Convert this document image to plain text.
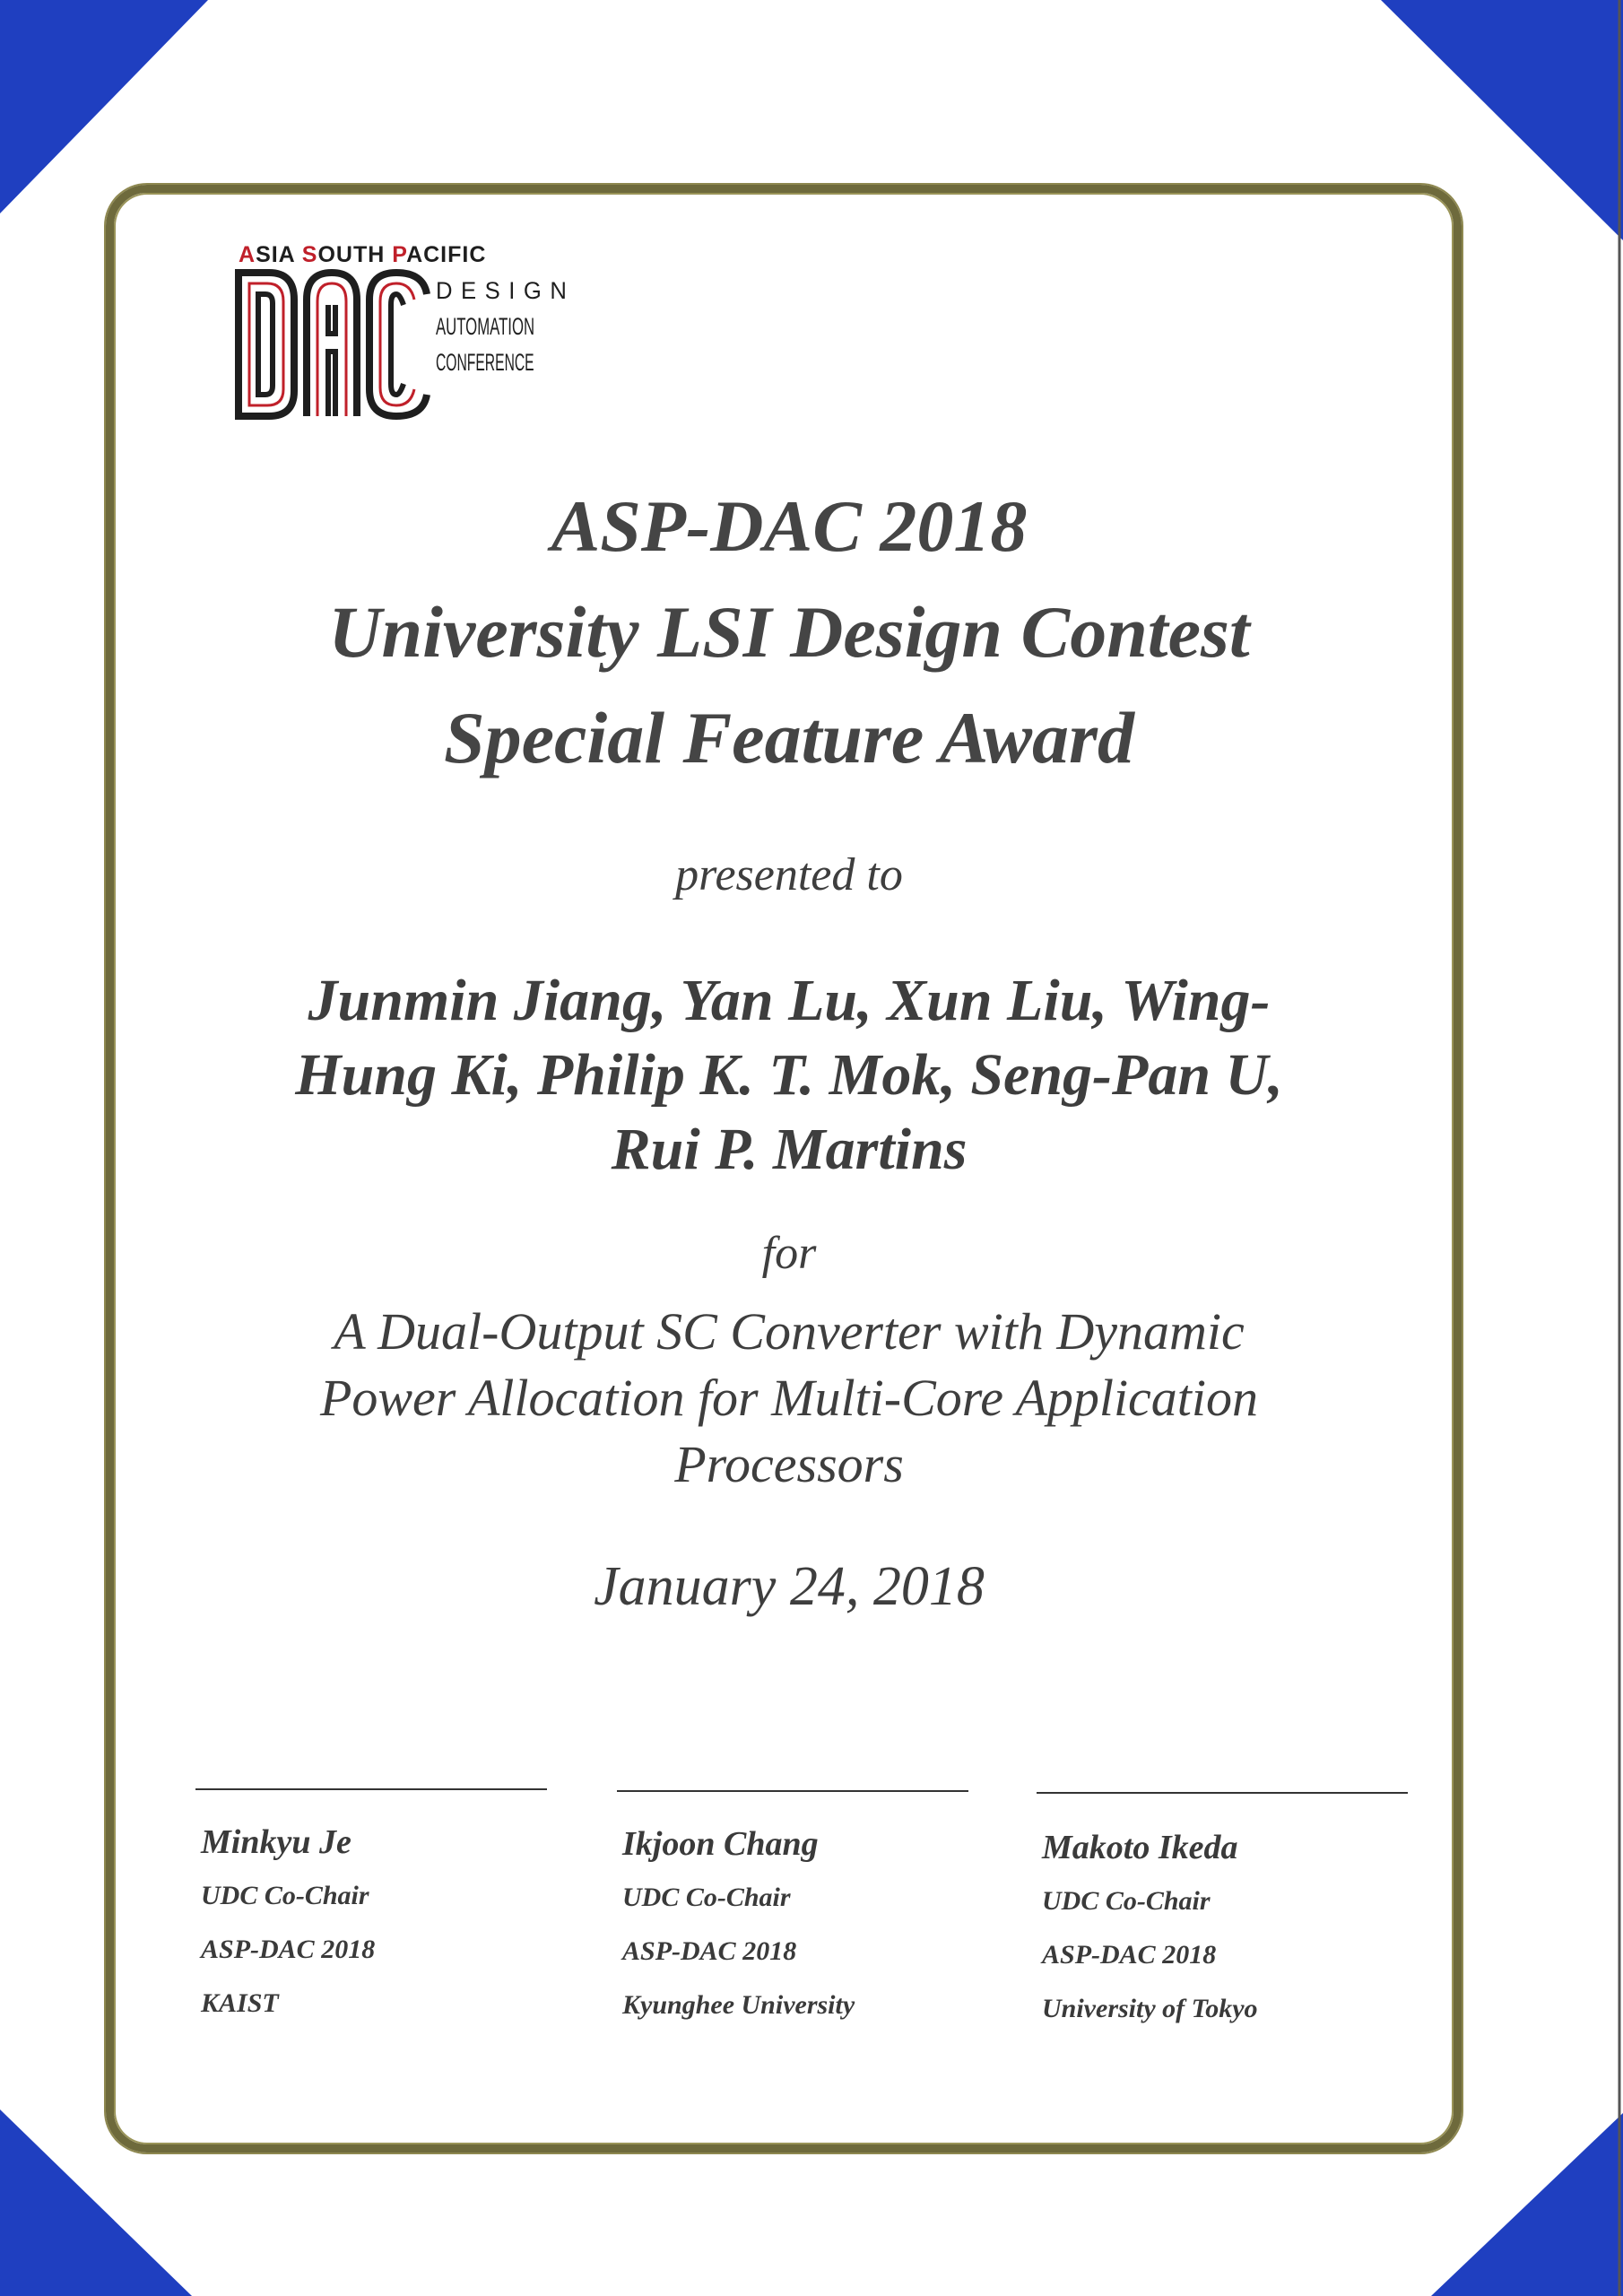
ASIA SOUTH PACIFIC
DESIGN
AUTOMATION
CONFERENCE
ASP-DAC 2018
University LSI Design Contest
Special Feature Award
presented to
Junmin Jiang, Yan Lu, Xun Liu, Wing-
Hung Ki, Philip K. T. Mok, Seng-Pan U,
Rui P. Martins
for
A Dual-Output SC Converter with Dynamic
Power Allocation for Multi-Core Application
Processors
January 24, 2018
Minkyu Je
UDC Co-Chair
ASP-DAC 2018
KAIST
Ikjoon Chang
UDC Co-Chair
ASP-DAC 2018
Kyunghee University
Makoto Ikeda
UDC Co-Chair
ASP-DAC 2018
University of Tokyo
